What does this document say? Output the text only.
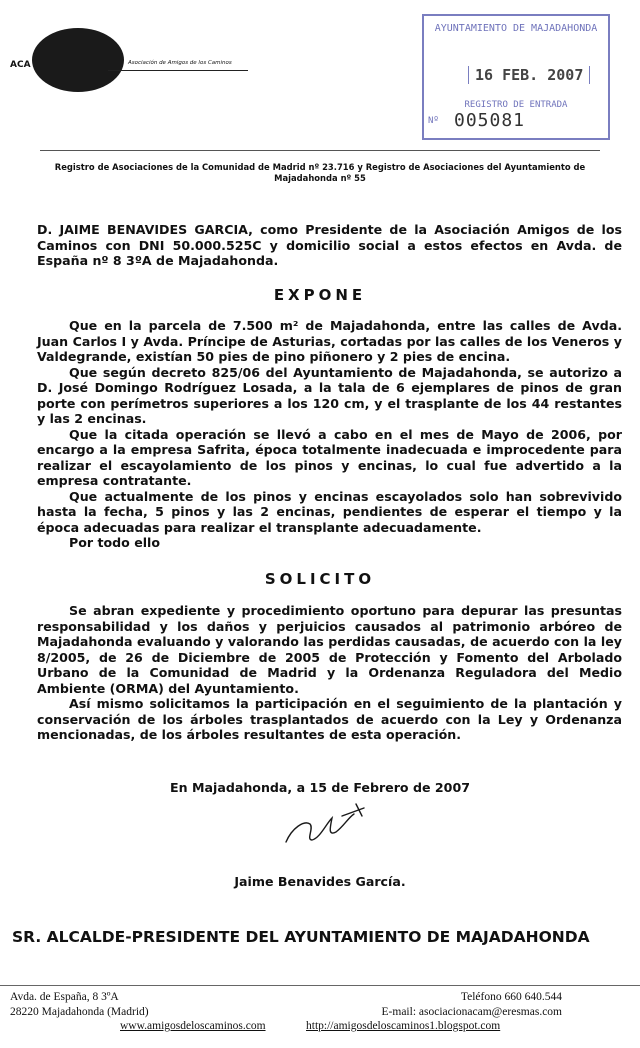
ACA	Asociación de Amigos de los Caminos
AYUNTAMIENTO DE MAJADAHONDA
16 FEB. 2007
REGISTRO DE ENTRADA
Nº 005081
Registro de Asociaciones de la Comunidad de Madrid nº 23.716 y Registro de Asociaciones del Ayuntamiento de Majadahonda nº 55

D. JAIME BENAVIDES GARCIA, como Presidente de la Asociación Amigos de los Caminos con DNI 50.000.525C y domicilio social a estos efectos en Avda. de España nº 8 3ºA de Majadahonda.

EXPONE

Que en la parcela de 7.500 m² de Majadahonda, entre las calles de Avda. Juan Carlos I y Avda. Príncipe de Asturias, cortadas por las calles de los Veneros y Valdegrande, existían 50 pies de pino piñonero y 2 pies de encina.

Que según decreto 825/06 del Ayuntamiento de Majadahonda, se autorizo a D. José Domingo Rodríguez Losada, a la tala de 6 ejemplares de pinos de gran porte con perímetros superiores a los 120 cm, y el trasplante de los 44 restantes y las 2 encinas.

Que la citada operación se llevó a cabo en el mes de Mayo de 2006, por encargo a la empresa Safrita, época totalmente inadecuada e improcedente para realizar el escayolamiento de los pinos y encinas, lo cual fue advertido a la empresa contratante.

Que actualmente de los pinos y encinas escayolados solo han sobrevivido hasta la fecha, 5 pinos y las 2 encinas, pendientes de esperar el tiempo y la época adecuadas para realizar el transplante adecuadamente.

Por todo ello

SOLICITO

Se abran expediente y procedimiento oportuno para depurar las presuntas responsabilidad y los daños y perjuicios causados al patrimonio arbóreo de Majadahonda evaluando y valorando las perdidas causadas, de acuerdo con la ley 8/2005, de 26 de Diciembre de 2005 de Protección y Fomento del Arbolado Urbano de la Comunidad de Madrid y la Ordenanza Reguladora del Medio Ambiente (ORMA) del Ayuntamiento.

Así mismo solicitamos la participación en el seguimiento de la plantación y conservación de los árboles trasplantados de acuerdo con la Ley y Ordenanza mencionadas, de los árboles resultantes de esta operación.

En Majadahonda, a 15 de Febrero de 2007
Jaime Benavides García.
SR. ALCALDE-PRESIDENTE DEL AYUNTAMIENTO DE MAJADAHONDA
Avda. de España, 8 3ºA
28220 Majadahonda (Madrid)
Teléfono 660 640.544
E-mail: asociacionacam@eresmas.com
www.amigosdeloscaminos.com	http://amigosdeloscaminos1.blogspot.com
